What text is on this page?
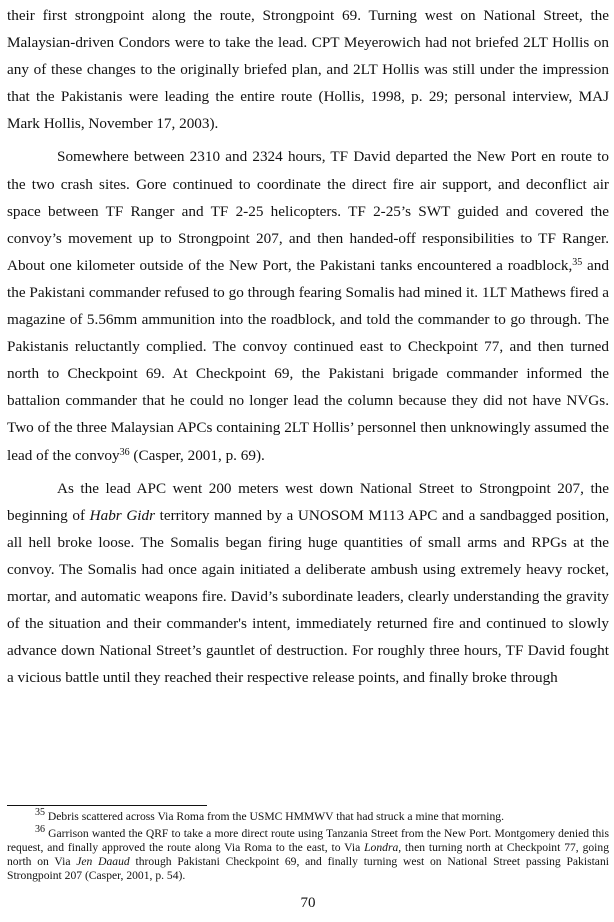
their first strongpoint along the route, Strongpoint 69. Turning west on National Street, the Malaysian-driven Condors were to take the lead. CPT Meyerowich had not briefed 2LT Hollis on any of these changes to the originally briefed plan, and 2LT Hollis was still under the impression that the Pakistanis were leading the entire route (Hollis, 1998, p. 29; personal interview, MAJ Mark Hollis, November 17, 2003).

Somewhere between 2310 and 2324 hours, TF David departed the New Port en route to the two crash sites. Gore continued to coordinate the direct fire air support, and deconflict air space between TF Ranger and TF 2-25 helicopters. TF 2-25’s SWT guided and covered the convoy’s movement up to Strongpoint 207, and then handed-off responsibilities to TF Ranger. About one kilometer outside of the New Port, the Pakistani tanks encountered a roadblock,$^{35}$ and the Pakistani commander refused to go through fearing Somalis had mined it. 1LT Mathews fired a magazine of 5.56mm ammunition into the roadblock, and told the commander to go through. The Pakistanis reluctantly complied. The convoy continued east to Checkpoint 77, and then turned north to Checkpoint 69. At Checkpoint 69, the Pakistani brigade commander informed the battalion commander that he could no longer lead the column because they did not have NVGs. Two of the three Malaysian APCs containing 2LT Hollis’ personnel then unknowingly assumed the lead of the convoy$^{36}$ (Casper, 2001, p. 69).

As the lead APC went 200 meters west down National Street to Strongpoint 207, the beginning of Habr Gidr territory manned by a UNOSOM M113 APC and a sandbagged position, all hell broke loose. The Somalis began firing huge quantities of small arms and RPGs at the convoy. The Somalis had once again initiated a deliberate ambush using extremely heavy rocket, mortar, and automatic weapons fire. David’s subordinate leaders, clearly understanding the gravity of the situation and their commander's intent, immediately returned fire and continued to slowly advance down National Street’s gauntlet of destruction. For roughly three hours, TF David fought a vicious battle until they reached their respective release points, and finally broke through

$^{35}$ Debris scattered across Via Roma from the USMC HMMWV that had struck a mine that morning.

$^{36}$ Garrison wanted the QRF to take a more direct route using Tanzania Street from the New Port. Montgomery denied this request, and finally approved the route along Via Roma to the east, to Via Londra, then turning north at Checkpoint 77, going north on Via Jen Daaud through Pakistani Checkpoint 69, and finally turning west on National Street passing Pakistani Strongpoint 207 (Casper, 2001, p. 54).

70
